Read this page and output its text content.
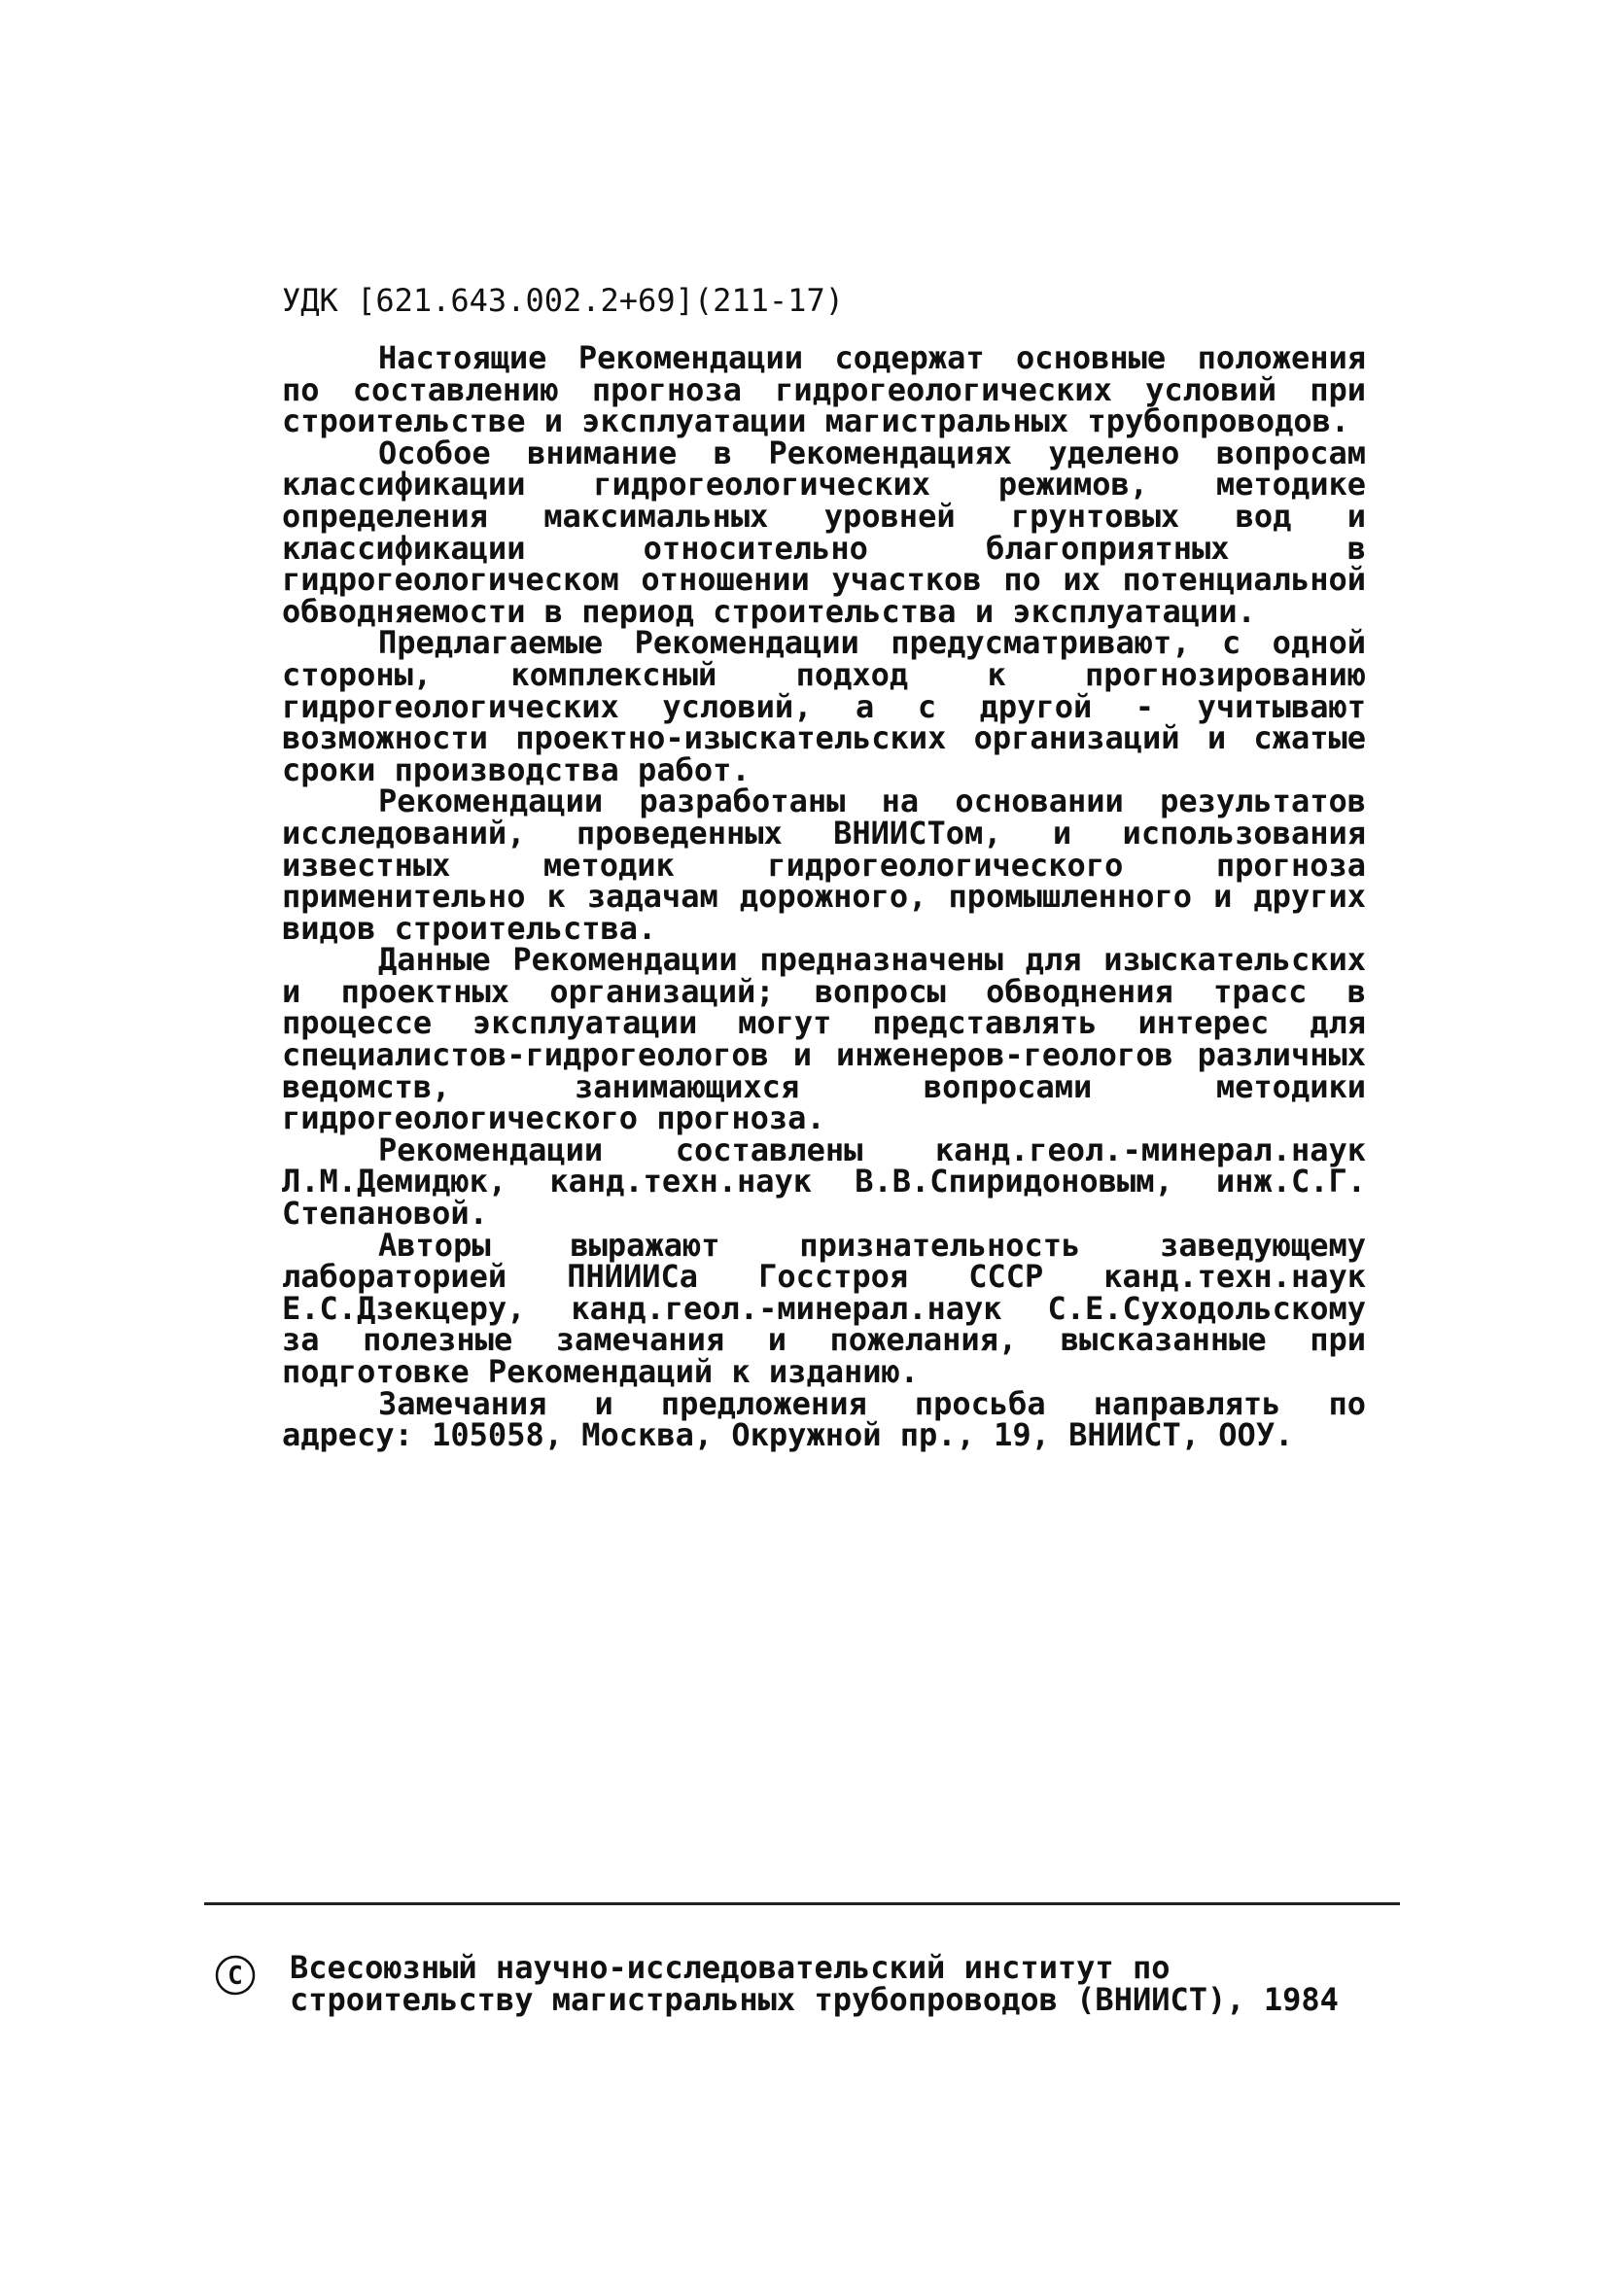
УДК [621.643.002.2+69](211-17)

Настоящие Рекомендации содержат основные положения по составлению прогноза гидрогеологических условий при строительстве и эксплуатации магистральных трубопроводов.

Особое внимание в Рекомендациях уделено вопросам классификации гидрогеологических режимов, методике определения максимальных уровней грунтовых вод и классификации относительно благоприятных в гидрогеологическом отношении участков по их потенциальной обводняемости в период строительства и эксплуатации.

Предлагаемые Рекомендации предусматривают, с одной стороны, комплексный подход к прогнозированию гидрогеологических условий, а с другой - учитывают возможности проектно-изыскательских организаций и сжатые сроки производства работ.

Рекомендации разработаны на основании результатов исследований, проведенных ВНИИСТом, и использования известных методик гидрогеологического прогноза применительно к задачам дорожного, промышленного и других видов строительства.

Данные Рекомендации предназначены для изыскательских и проектных организаций; вопросы обводнения трасс в процессе эксплуатации могут представлять интерес для специалистов-гидрогеологов и инженеров-геологов различных ведомств, занимающихся вопросами методики гидрогеологического прогноза.

Рекомендации составлены канд.геол.-минерал.наук Л.М.Демидюк, канд.техн.наук В.В.Спиридоновым, инж.С.Г. Степановой.

Авторы выражают признательность заведующему лабораторией ПНИИИСа Госстроя СССР канд.техн.наук Е.С.Дзекцеру, канд.геол.-минерал.наук С.Е.Суходольскому за полезные замечания и пожелания, высказанные при подготовке Рекомендаций к изданию.

Замечания и предложения просьба направлять по адресу: 105058, Москва, Окружной пр., 19, ВНИИСТ, ООУ.

C Всесоюзный научно-исследовательский институт по
строительству магистральных трубопроводов (ВНИИСТ), 1984
